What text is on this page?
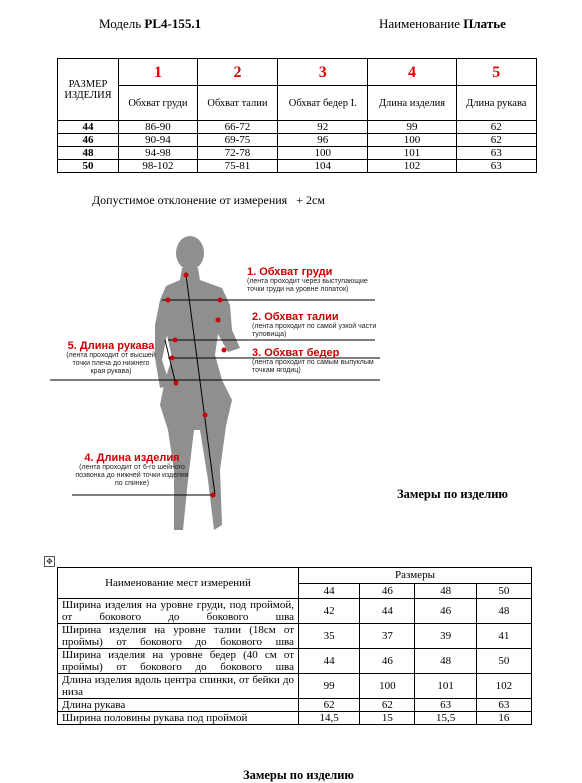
Модель PL4-155.1	Наименование Платье
РАЗМЕР ИЗДЕЛИЯ	1	2	3	4	5
	Обхват груди	Обхват талии	Обхват бедер I.	Длина изделия	Длина рукава
44	86-90	66-72	92	99	62
46	90-94	69-75	96	100	62
48	94-98	72-78	100	101	63
50	98-102	75-81	104	102	63
Допустимое отклонение от измерения + 2см
1. Обхват груди
(лента проходит через выступающие точки груди на уровне лопаток)
2. Обхват талии
(лента проходит по самой узкой части туловища)
3. Обхват бедер
(лента проходит по самым выпуклым точкам ягодиц)
5. Длина рукава
(лента проходит от высшей точки плеча до нижнего края рукава)
4. Длина изделия
(лента проходит от 6-го шейного позвонка до нижней точки изделия по спинке)
Замеры по изделию
✥
Наименование мест измерений	Размеры			
	44	46	48	50
Ширина изделия на уровне груди, под проймой, от бокового до бокового шва	42	44	46	48
Ширина изделия на уровне талии (18см от проймы) от бокового до бокового шва	35	37	39	41
Ширина изделия на уровне бедер (40 см от проймы) от бокового до бокового шва	44	46	48	50
Длина изделия вдоль центра спинки, от бейки до низа	99	100	101	102
Длина рукава	62	62	63	63
Ширина половины рукава под проймой	14,5	15	15,5	16
Замеры по изделию
